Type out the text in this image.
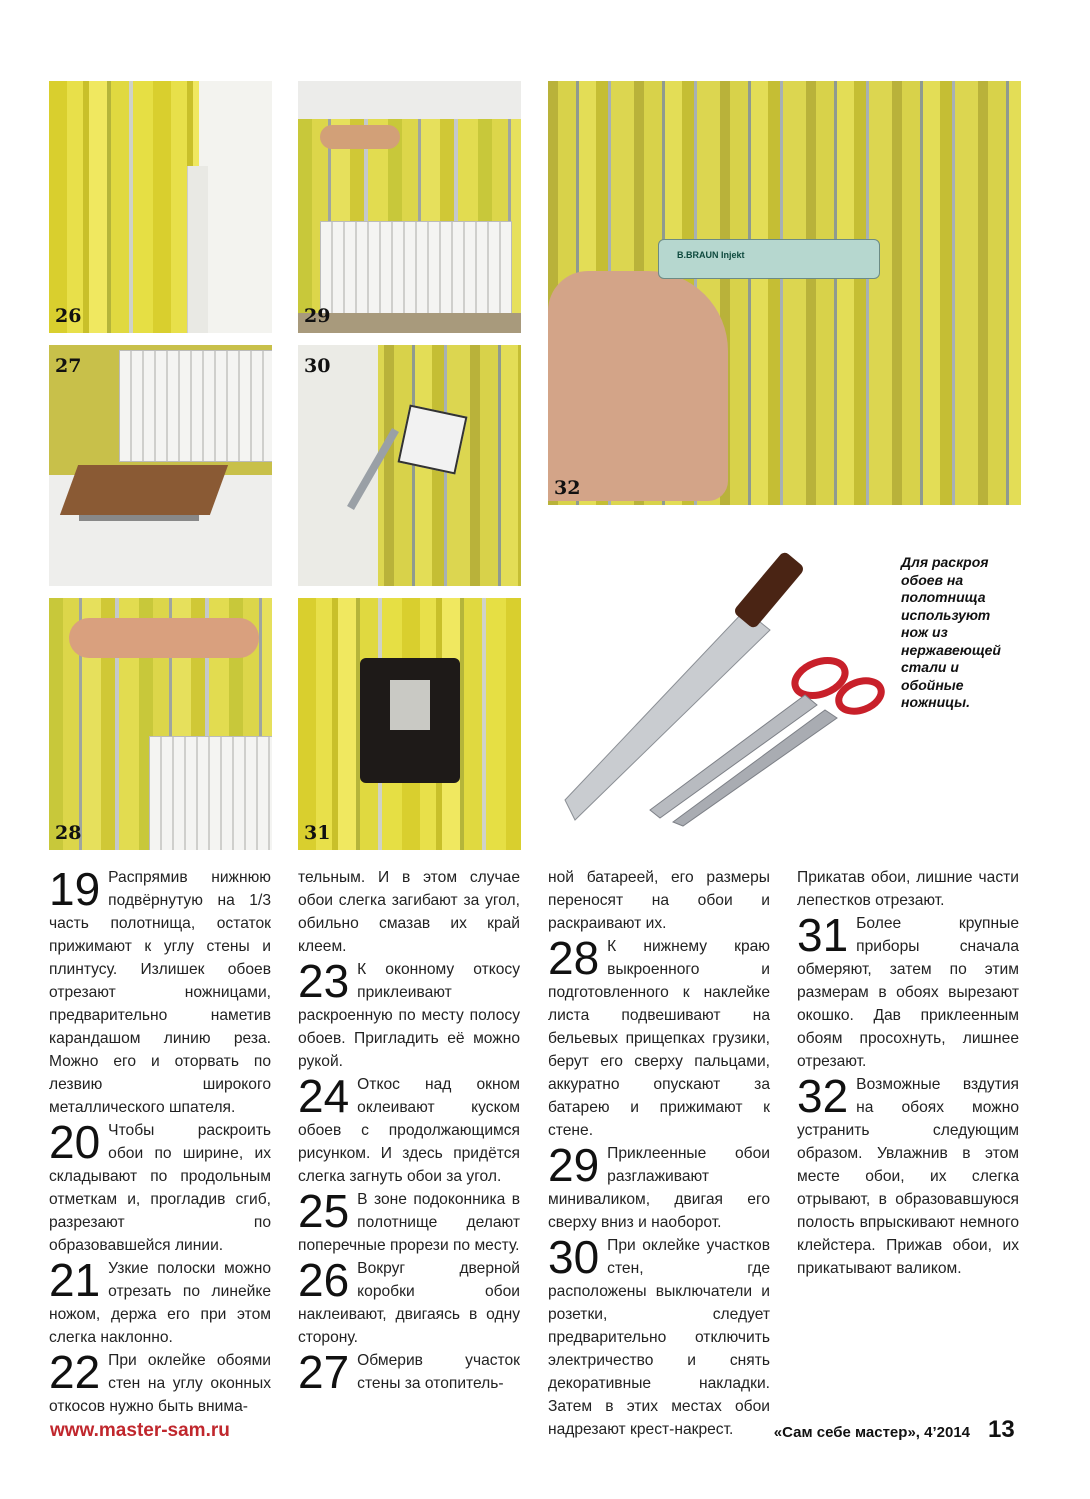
26	29
27	30
28	31
B.BRAUN Injekt
32
Для раскроя обоев на полотнища используют нож из нержавеющей стали и обойные ножницы.

19 Распрямив нижнюю подвёрнутую на 1/3 часть полотнища, остаток прижимают к углу стены и плинтусу. Излишек обоев отрезают ножницами, предварительно наметив карандашом линию реза. Можно его и оторвать по лезвию широкого металлического шпателя.

20 Чтобы раскроить обои по ширине, их складывают по продольным отметкам и, прогладив сгиб, разрезают по образовавшейся линии.

21 Узкие полоски можно отрезать по линейке ножом, держа его при этом слегка наклонно.

22 При оклейке обоями стен на углу оконных откосов нужно быть внима-

тельным. И в этом случае обои слегка загибают за угол, обильно смазав их край клеем.

23 К оконному откосу приклеивают раскроенную по месту полосу обоев. Пригладить её можно рукой.

24 Откос над окном оклеивают куском обоев с продолжающимся рисунком. И здесь придётся слегка загнуть обои за угол.

25 В зоне подоконника в полотнище делают поперечные прорези по месту.

26 Вокруг дверной коробки обои наклеивают, двигаясь в одну сторону.

27 Обмерив участок стены за отопитель-

ной батареей, его размеры переносят на обои и раскраивают их.

28 К нижнему краю выкроенного и подготовленного к наклейке листа подвешивают на бельевых прищепках грузики, берут его сверху пальцами, аккуратно опускают за батарею и прижимают к стене.

29 Приклеенные обои разглаживают миниваликом, двигая его сверху вниз и наоборот.

30 При оклейке участков стен, где расположены выключатели и розетки, следует предварительно отключить электричество и снять декоративные накладки. Затем в этих местах обои надрезают крест-накрест.

Прикатав обои, лишние части лепестков отрезают.

31 Более крупные приборы сначала обмеряют, затем по этим размерам в обоях вырезают окошко. Дав приклеенным обоям просохнуть, лишнее отрезают.

32 Возможные вздутия на обоях можно устранить следующим образом. Увлажнив в этом месте обои, их слегка отрывают, в образовавшуюся полость впрыскивают немного клейстера. Прижав обои, их прикатывают валиком.

www.master-sam.ru	«Сам себе мастер», 4’2014 13
